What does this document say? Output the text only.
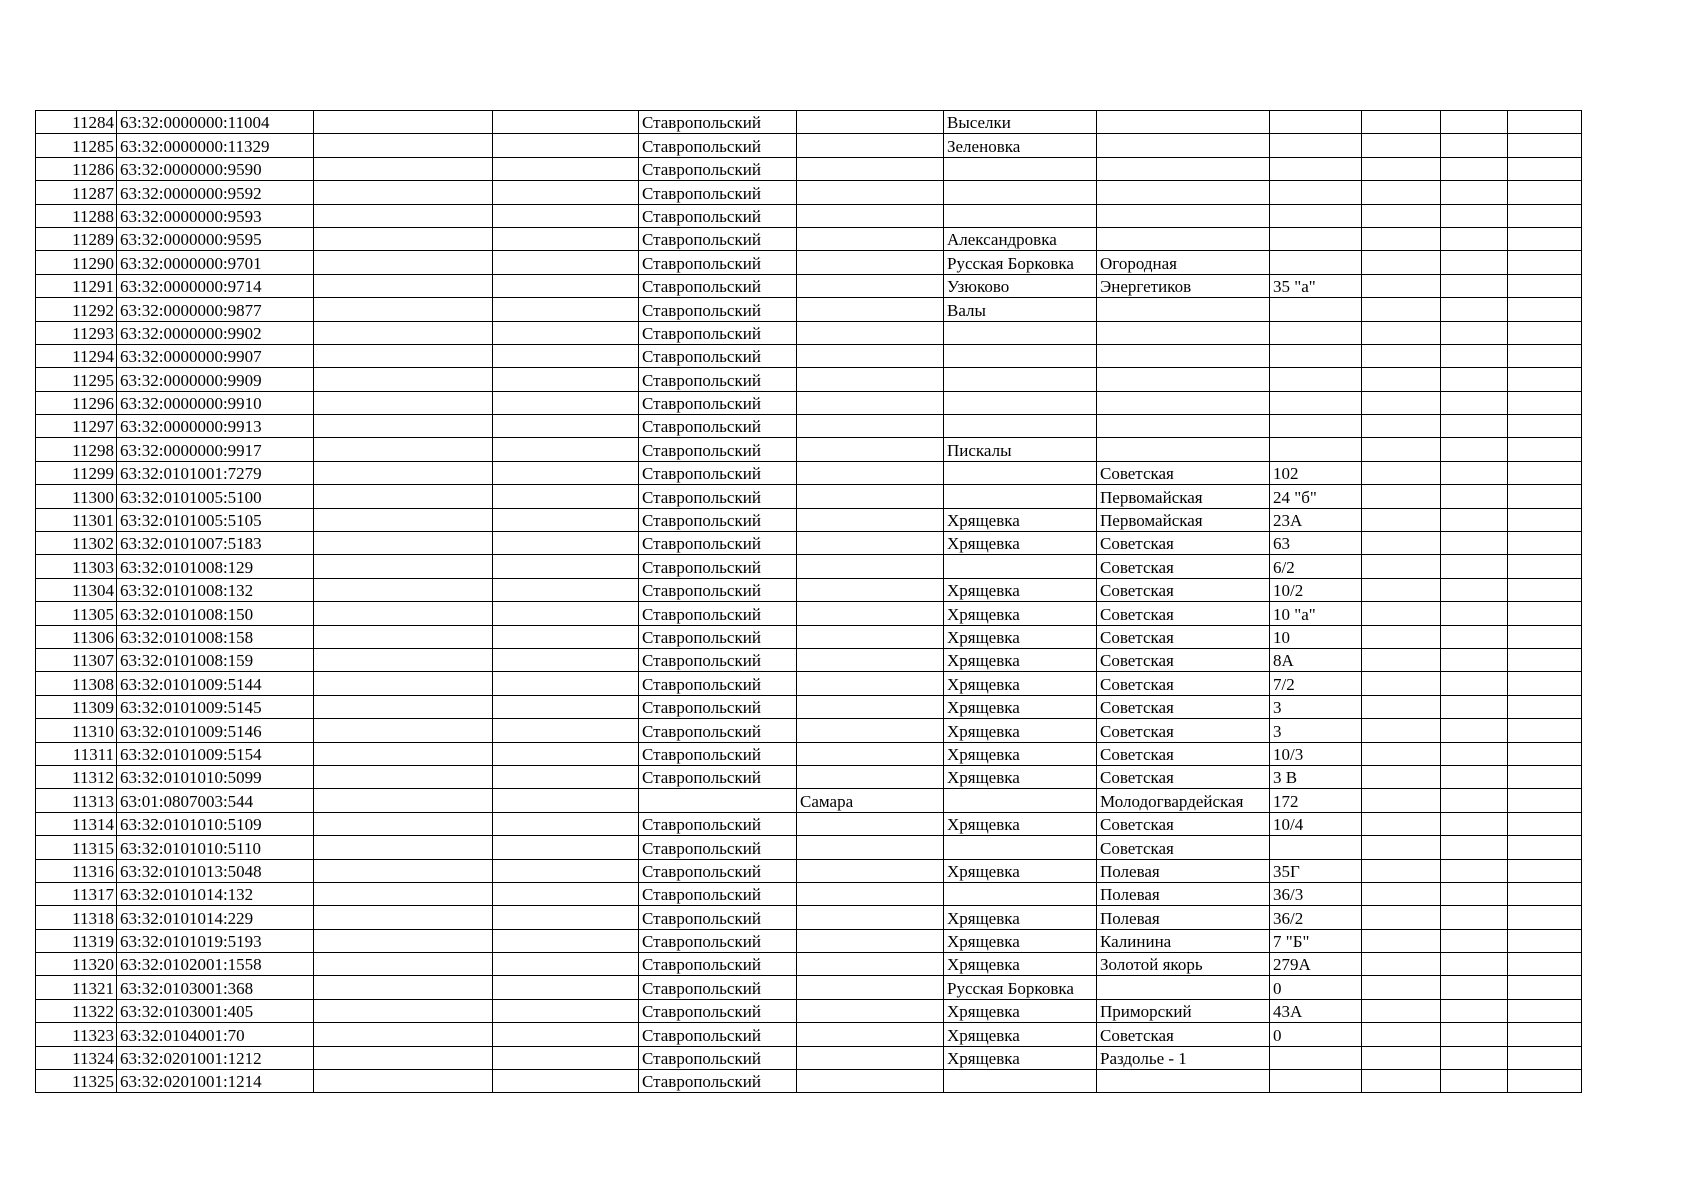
11284	63:32:0000000:11004			Ставропольский		Выселки					
11285	63:32:0000000:11329			Ставропольский		Зеленовка					
11286	63:32:0000000:9590			Ставропольский							
11287	63:32:0000000:9592			Ставропольский							
11288	63:32:0000000:9593			Ставропольский							
11289	63:32:0000000:9595			Ставропольский		Александровка					
11290	63:32:0000000:9701			Ставропольский		Русская Борковка	Огородная				
11291	63:32:0000000:9714			Ставропольский		Узюково	Энергетиков	35 "а"			
11292	63:32:0000000:9877			Ставропольский		Валы					
11293	63:32:0000000:9902			Ставропольский							
11294	63:32:0000000:9907			Ставропольский							
11295	63:32:0000000:9909			Ставропольский							
11296	63:32:0000000:9910			Ставропольский							
11297	63:32:0000000:9913			Ставропольский							
11298	63:32:0000000:9917			Ставропольский		Пискалы					
11299	63:32:0101001:7279			Ставропольский			Советская	102			
11300	63:32:0101005:5100			Ставропольский			Первомайская	24 "б"			
11301	63:32:0101005:5105			Ставропольский		Хрящевка	Первомайская	23А			
11302	63:32:0101007:5183			Ставропольский		Хрящевка	Советская	63			
11303	63:32:0101008:129			Ставропольский			Советская	6/2			
11304	63:32:0101008:132			Ставропольский		Хрящевка	Советская	10/2			
11305	63:32:0101008:150			Ставропольский		Хрящевка	Советская	10 "а"			
11306	63:32:0101008:158			Ставропольский		Хрящевка	Советская	10			
11307	63:32:0101008:159			Ставропольский		Хрящевка	Советская	8А			
11308	63:32:0101009:5144			Ставропольский		Хрящевка	Советская	7/2			
11309	63:32:0101009:5145			Ставропольский		Хрящевка	Советская	3			
11310	63:32:0101009:5146			Ставропольский		Хрящевка	Советская	3			
11311	63:32:0101009:5154			Ставропольский		Хрящевка	Советская	10/3			
11312	63:32:0101010:5099			Ставропольский		Хрящевка	Советская	3 В			
11313	63:01:0807003:544				Самара		Молодогвардейская	172			
11314	63:32:0101010:5109			Ставропольский		Хрящевка	Советская	10/4			
11315	63:32:0101010:5110			Ставропольский			Советская				
11316	63:32:0101013:5048			Ставропольский		Хрящевка	Полевая	35Г			
11317	63:32:0101014:132			Ставропольский			Полевая	36/3			
11318	63:32:0101014:229			Ставропольский		Хрящевка	Полевая	36/2			
11319	63:32:0101019:5193			Ставропольский		Хрящевка	Калинина	7 "Б"			
11320	63:32:0102001:1558			Ставропольский		Хрящевка	Золотой якорь	279А			
11321	63:32:0103001:368			Ставропольский		Русская Борковка		0			
11322	63:32:0103001:405			Ставропольский		Хрящевка	Приморский	43А			
11323	63:32:0104001:70			Ставропольский		Хрящевка	Советская	0			
11324	63:32:0201001:1212			Ставропольский		Хрящевка	Раздолье - 1				
11325	63:32:0201001:1214			Ставропольский							
